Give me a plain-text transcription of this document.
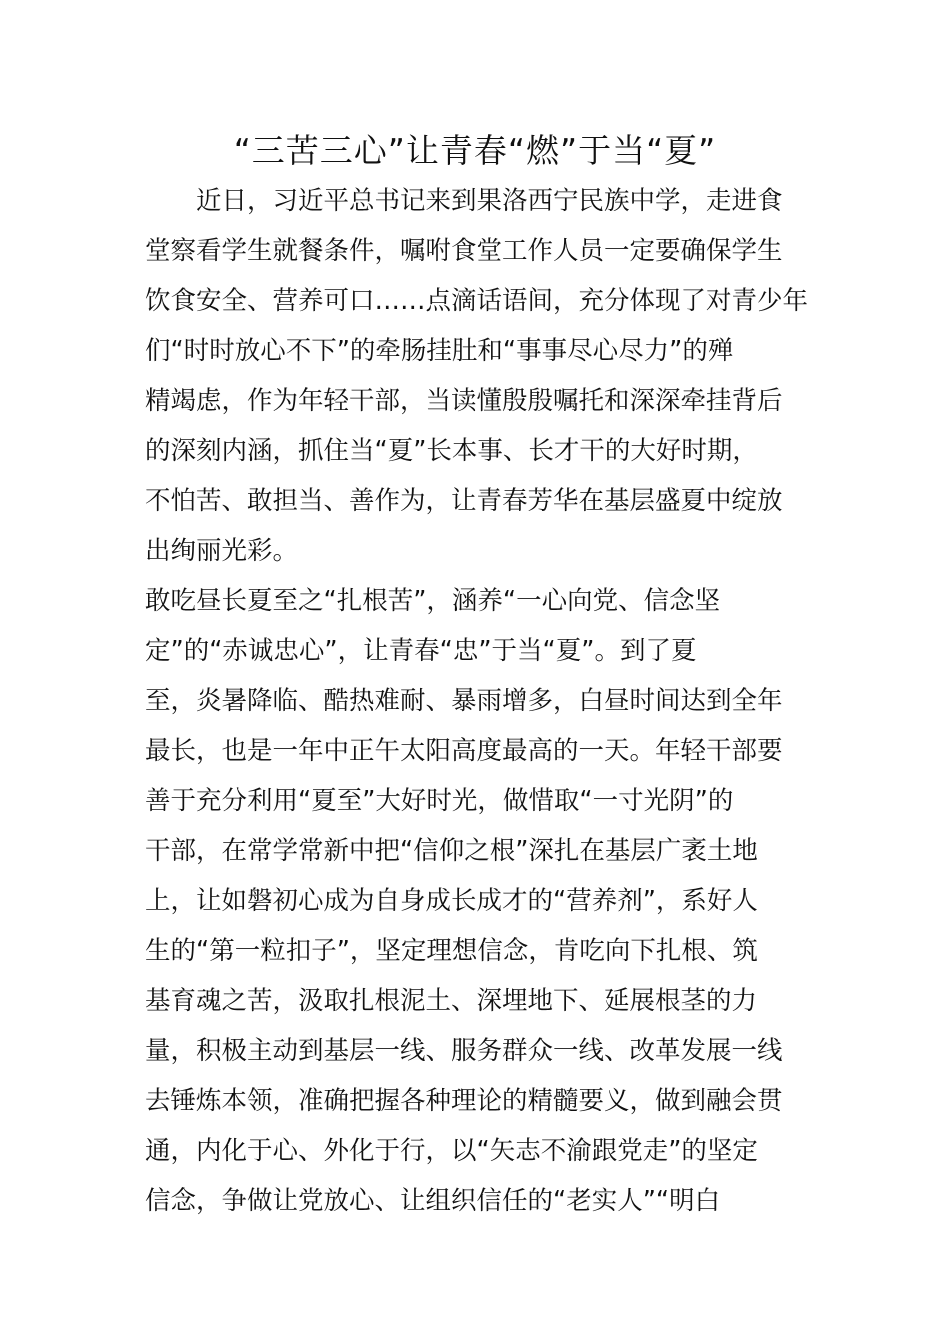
“三苦三心”让青春“燃”于当“夏”

　　近日，习近平总书记来到果洛西宁民族中学，走进食

堂察看学生就餐条件，嘱咐食堂工作人员一定要确保学生

饮食安全、营养可口……点滴话语间，充分体现了对青少年

们“时时放心不下”的牵肠挂肚和“事事尽心尽力”的殚

精竭虑，作为年轻干部，当读懂殷殷嘱托和深深牵挂背后

的深刻内涵，抓住当“夏”长本事、长才干的大好时期，

不怕苦、敢担当、善作为，让青春芳华在基层盛夏中绽放

出绚丽光彩。

敢吃昼长夏至之“扎根苦”，涵养“一心向党、信念坚

定”的“赤诚忠心”，让青春“忠”于当“夏”。到了夏

至，炎暑降临、酷热难耐、暴雨增多，白昼时间达到全年

最长，也是一年中正午太阳高度最高的一天。年轻干部要

善于充分利用“夏至”大好时光，做惜取“一寸光阴”的

干部，在常学常新中把“信仰之根”深扎在基层广袤土地

上，让如磐初心成为自身成长成才的“营养剂”，系好人

生的“第一粒扣子”，坚定理想信念，肯吃向下扎根、筑

基育魂之苦，汲取扎根泥土、深埋地下、延展根茎的力

量，积极主动到基层一线、服务群众一线、改革发展一线

去锤炼本领，准确把握各种理论的精髓要义，做到融会贯

通，内化于心、外化于行，以“矢志不渝跟党走”的坚定

信念，争做让党放心、让组织信任的“老实人”“明白
